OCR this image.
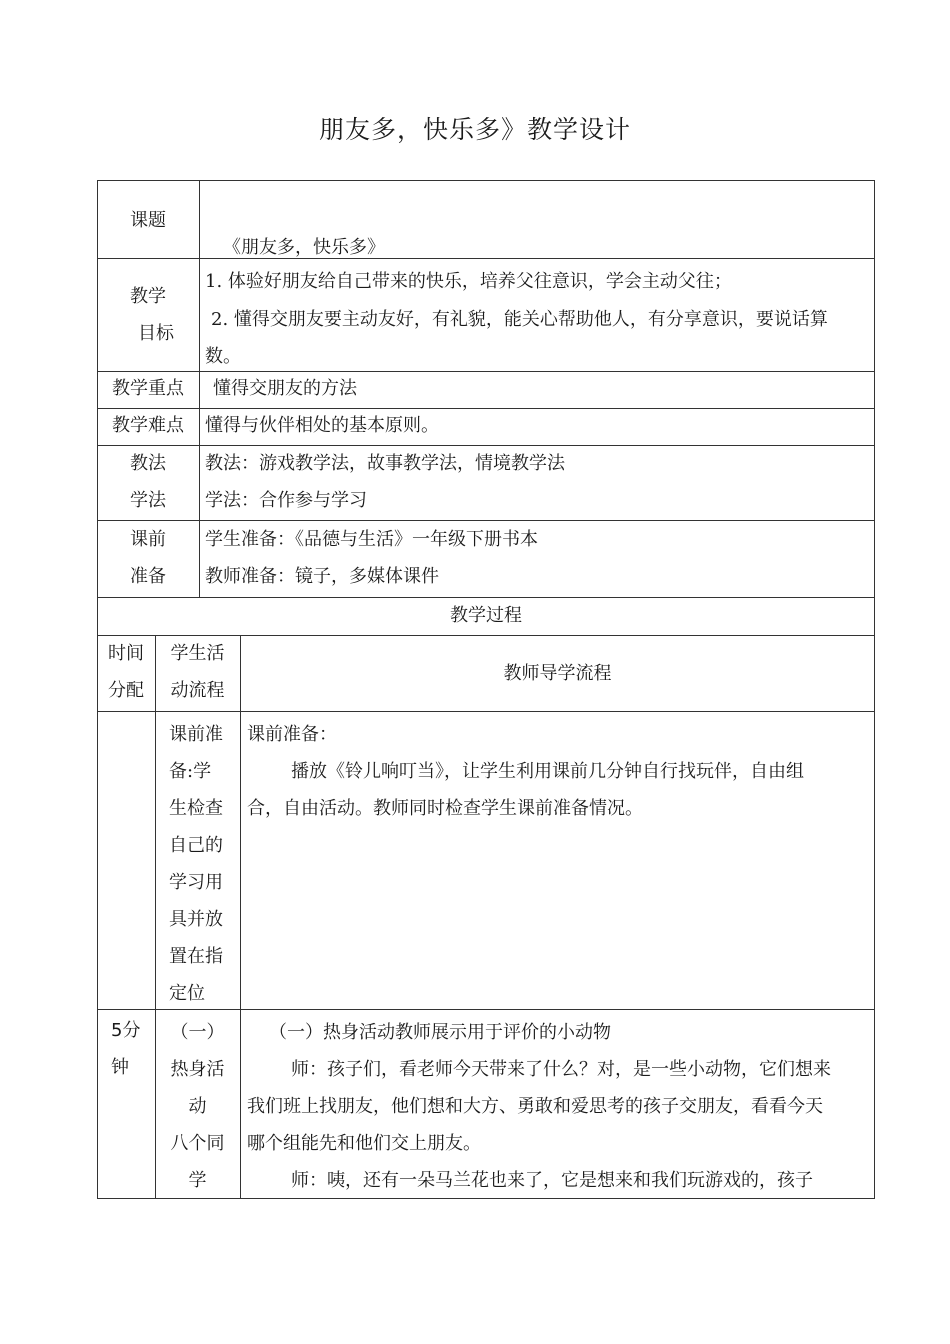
朋友多，快乐多》教学设计
课题
《朋友多，快乐多》
教学
目标
1. 体验好朋友给自己带来的快乐，培养父往意识，学会主动父往；
2. 懂得交朋友要主动友好，有礼貌，能关心帮助他人，有分享意识，要说话算
数。
教学重点	懂得交朋友的方法
教学难点	懂得与伙伴相处的基本原则。
教法
学法
教法：游戏教学法，故事教学法，情境教学法
学法：合作参与学习
课前
准备
学生准备：《品德与生活》一年级下册书本
教师准备：镜子，多媒体课件
教学过程
时间
分配
学生活
动流程
教师导学流程
课前准
备:学
生检查
自己的
学习用
具并放
置在指
定位
课前准备：
播放《铃儿响叮当》，让学生利用课前几分钟自行找玩伴，自由组
合，自由活动。教师同时检查学生课前准备情况。
5分
钟
（一）
热身活
动
八个同
学
（一）热身活动教师展示用于评价的小动物
师：孩子们，看老师今天带来了什么？对，是一些小动物，它们想来
我们班上找朋友，他们想和大方、勇敢和爱思考的孩子交朋友，看看今天
哪个组能先和他们交上朋友。
师：咦，还有一朵马兰花也来了，它是想来和我们玩游戏的，孩子
